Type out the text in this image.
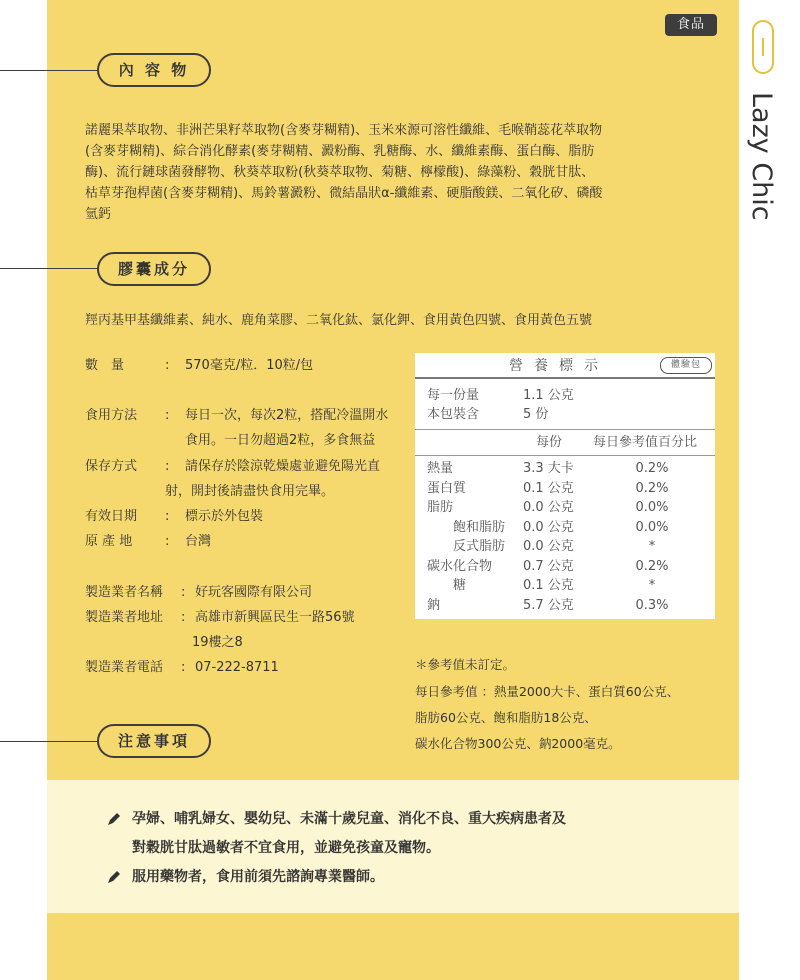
食品
Lazy Chic
內 容 物
諾麗果萃取物、非洲芒果籽萃取物(含麥芽糊精)、玉米來源可溶性纖維、毛喉鞘蕊花萃取物
(含麥芽糊精)、綜合消化酵素(麥芽糊精、澱粉酶、乳糖酶、水、纖維素酶、蛋白酶、脂肪
酶)、流行鏈球菌發酵物、秋葵萃取粉(秋葵萃取物、菊糖、檸檬酸)、綠藻粉、穀胱甘肽、
枯草芽孢桿菌(含麥芽糊精)、馬鈴薯澱粉、微結晶狀α-纖維素、硬脂酸鎂、二氧化矽、磷酸
氫鈣
膠囊成分
羥丙基甲基纖維素、純水、鹿角菜膠、二氧化鈦、氯化鉀、食用黃色四號、食用黃色五號
數　量	: 570毫克/粒．10粒/包
食用方法 : 每日一次，每次2粒，搭配冷溫開水
食用。一日勿超過2粒，多食無益
保存方式 : 請保存於陰涼乾燥處並避免陽光直
射，開封後請盡快食用完畢。
有效日期 : 標示於外包裝
原 產 地	: 台灣
製造業者名稱 : 好玩客國際有限公司
製造業者地址 : 高雄市新興區民生一路56號
19樓之8
製造業者電話 : 07-222-8711
營養標示	體驗包
每一份量	1.1 公克
本包裝含	5 份
每份 每日參考值百分比
熱量	3.3 大卡	0.2%
蛋白質	0.1 公克	0.2%
脂肪	0.0 公克	0.0%
飽和脂肪 0.0 公克	0.0%
反式脂肪 0.0 公克	*
碳水化合物 0.7 公克	0.2%
糖	0.1 公克	*
鈉	5.7 公克	0.3%
＊參考值未訂定。
每日參考值 ：熱量2000大卡、蛋白質60公克、
脂肪60公克、飽和脂肪18公克、
碳水化合物300公克、鈉2000毫克。
注意事項
孕婦、哺乳婦女、嬰幼兒、未滿十歲兒童、消化不良、重大疾病患者及
對穀胱甘肽過敏者不宜食用，並避免孩童及寵物。
服用藥物者，食用前須先諮詢專業醫師。
